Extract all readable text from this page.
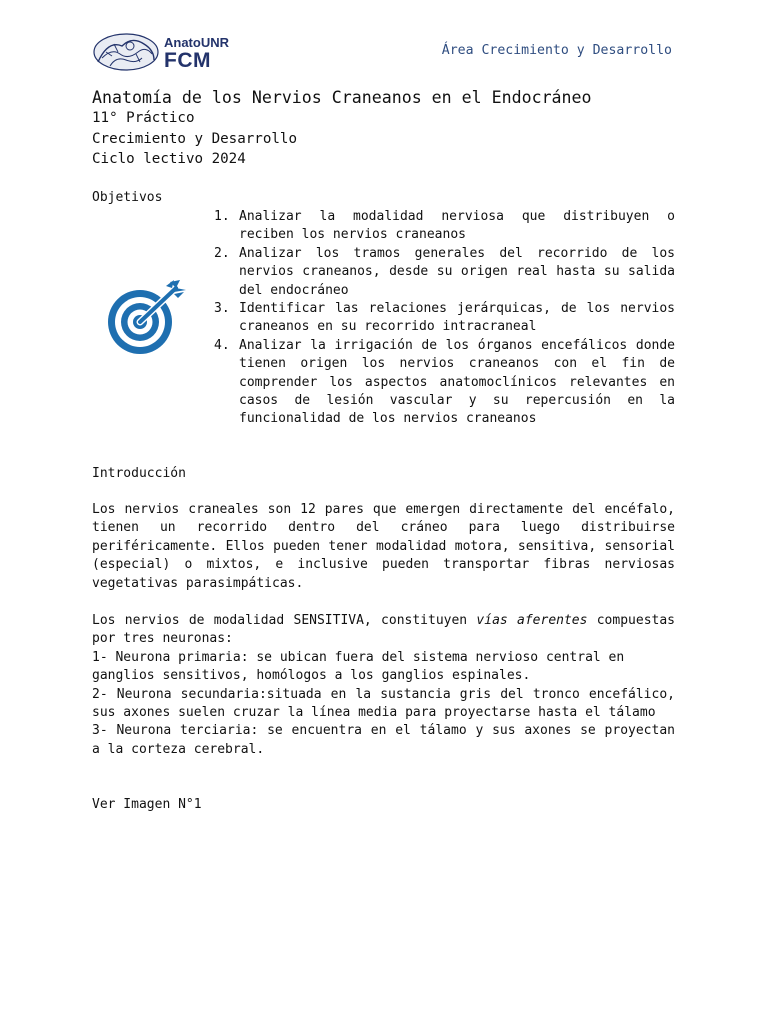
AnatoUNR
FCM	Área Crecimiento y Desarrollo
Anatomía de los Nervios Craneanos en el Endocráneo
11° Práctico
Crecimiento y Desarrollo
Ciclo lectivo 2024
Objetivos
1. Analizar la modalidad nerviosa que distribuyen o reciben los nervios craneanos
2. Analizar los tramos generales del recorrido de los nervios craneanos, desde su origen real hasta su salida del endocráneo
3. Identificar las relaciones jerárquicas, de los nervios craneanos en su recorrido intracraneal
4. Analizar la irrigación de los órganos encefálicos donde tienen origen los nervios craneanos con el fin de comprender los aspectos anatomoclínicos relevantes en casos de lesión vascular y su repercusión en la funcionalidad de los nervios craneanos
Introducción

Los nervios craneales son 12 pares que emergen directamente del encéfalo, tienen un recorrido dentro del cráneo para luego distribuirse periféricamente. Ellos pueden tener modalidad motora, sensitiva, sensorial (especial) o mixtos, e inclusive pueden transportar fibras nerviosas vegetativas parasimpáticas.

Los nervios de modalidad SENSITIVA, constituyen vías aferentes compuestas por tres neuronas:

1- Neurona primaria: se ubican fuera del sistema nervioso central en ganglios sensitivos, homólogos a los ganglios espinales.

2- Neurona secundaria:situada en la sustancia gris del tronco encefálico, sus axones suelen cruzar la línea media para proyectarse hasta el tálamo

3- Neurona terciaria: se encuentra en el tálamo y sus axones se proyectan a la corteza cerebral.

Ver Imagen N°1
